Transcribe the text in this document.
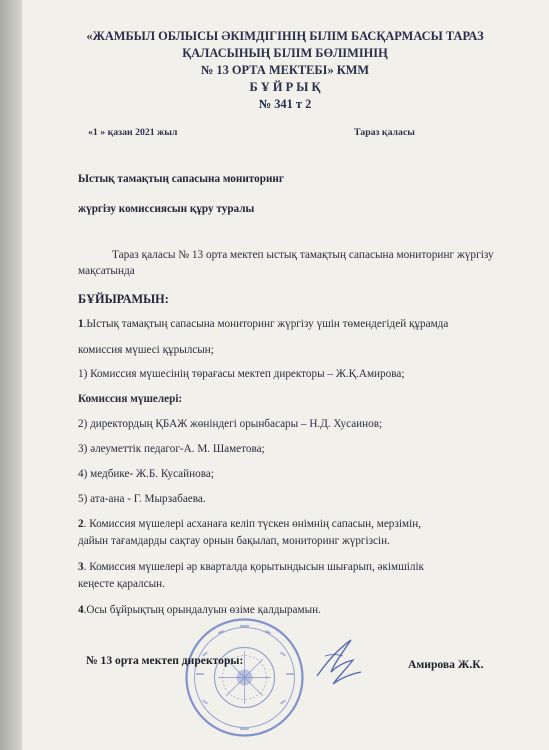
«ЖАМБЫЛ ОБЛЫСЫ ӘКІМДІГІНІҢ БІЛІМ БАСҚАРМАСЫ ТАРАЗ
ҚАЛАСЫНЫҢ БІЛІМ БӨЛІМІНІҢ
№ 13 ОРТА МЕКТЕБІ» КММ
Б Ұ Й Р Ы Қ
№ 341 т 2
«1 » қазан 2021 жыл	Тараз қаласы
Ыстық тамақтың сапасына мониторинг
жүргізу комиссиясын құру туралы
Тараз қаласы № 13 орта мектеп ыстық тамақтың сапасына мониторинг жүргізу мақсатында
БҰЙЫРАМЫН:
1.Ыстық тамақтың сапасына мониторинг жүргізу үшін төмендегідей құрамда
комиссия мүшесі құрылсын;
1) Комиссия мүшесінің төрағасы мектеп директоры – Ж.Қ.Амирова;
Комиссия мүшелері:
2) директордың ҚБАЖ жөніндегі орынбасары – Н.Д. Хусаинов;
3) әлеуметтік педагог-А. М. Шаметова;
4) медбике- Ж.Б. Кусайнова;
5) ата-ана - Г. Мырзабаева.
2. Комиссия мүшелері асханаға келіп түскен өнімнің сапасын, мерзімін,
дайын тағамдарды сақтау орнын бақылап, мониторинг жүргізсін.
3. Комиссия мүшелері әр кварталда қорытындысын шығарып, әкімшілік
кеңесте қаралсын.
4.Осы бұйрықтың орындалуын өзіме қалдырамын.
№ 13 орта мектеп директоры:	Амирова Ж.К.
